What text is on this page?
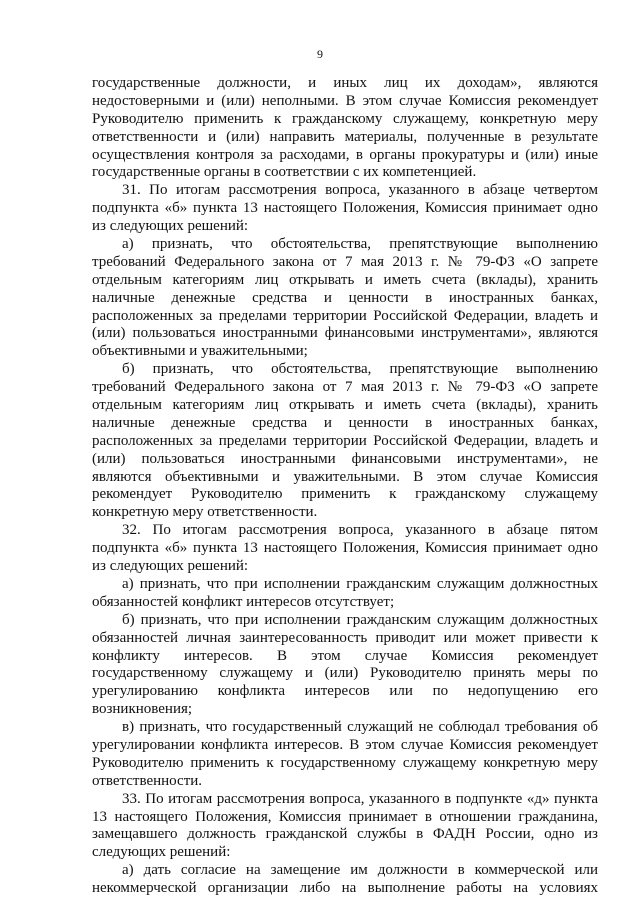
9
государственные должности, и иных лиц их доходам», являются
недостоверными и (или) неполными. В этом случае Комиссия рекомендует
Руководителю применить к гражданскому служащему, конкретную меру
ответственности и (или) направить материалы, полученные в результате
осуществления контроля за расходами, в органы прокуратуры и (или) иные
государственные органы в соответствии с их компетенцией.
31. По итогам рассмотрения вопроса, указанного в абзаце четвертом
подпункта «б» пункта 13 настоящего Положения, Комиссия принимает одно
из следующих решений:
а) признать, что обстоятельства, препятствующие выполнению
требований Федерального закона от 7 мая 2013 г. № 79-ФЗ «О запрете
отдельным категориям лиц открывать и иметь счета (вклады), хранить
наличные денежные средства и ценности в иностранных банках,
расположенных за пределами территории Российской Федерации, владеть и
(или) пользоваться иностранными финансовыми инструментами», являются
объективными и уважительными;
б) признать, что обстоятельства, препятствующие выполнению
требований Федерального закона от 7 мая 2013 г. № 79-ФЗ «О запрете
отдельным категориям лиц открывать и иметь счета (вклады), хранить
наличные денежные средства и ценности в иностранных банках,
расположенных за пределами территории Российской Федерации, владеть и
(или) пользоваться иностранными финансовыми инструментами», не
являются объективными и уважительными. В этом случае Комиссия
рекомендует Руководителю применить к гражданскому служащему
конкретную меру ответственности.
32. По итогам рассмотрения вопроса, указанного в абзаце пятом
подпункта «б» пункта 13 настоящего Положения, Комиссия принимает одно
из следующих решений:
а) признать, что при исполнении гражданским служащим должностных
обязанностей конфликт интересов отсутствует;
б) признать, что при исполнении гражданским служащим должностных
обязанностей личная заинтересованность приводит или может привести к
конфликту интересов. В этом случае Комиссия рекомендует
государственному служащему и (или) Руководителю принять меры по
урегулированию конфликта интересов или по недопущению его
возникновения;
в) признать, что государственный служащий не соблюдал требования об
урегулировании конфликта интересов. В этом случае Комиссия рекомендует
Руководителю применить к государственному служащему конкретную меру
ответственности.
33. По итогам рассмотрения вопроса, указанного в подпункте «д» пункта
13 настоящего Положения, Комиссия принимает в отношении гражданина,
замещавшего должность гражданской службы в ФАДН России, одно из
следующих решений:
а) дать согласие на замещение им должности в коммерческой или
некоммерческой организации либо на выполнение работы на условиях
